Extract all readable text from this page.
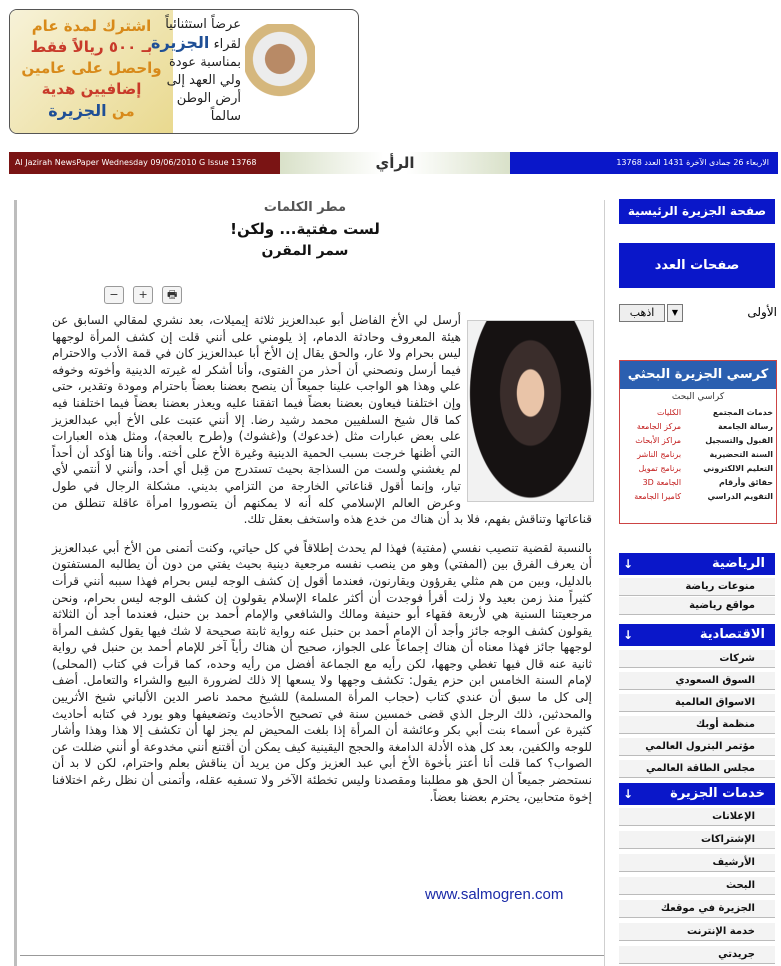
اشترك لمدة عام
بـ ٥٠٠ ريالاً فقط
واحصل على عامين
إضافيين هدية
من الجزيرة
عرضاً استثنائياً
لقراء الجزيرة
بمناسبة عودة
ولي العهد إلى
أرض الوطن
سالماً
Al Jazirah NewsPaper Wednesday 09/06/2010 G Issue 13768	الرأي	الاربعاء 26 جمادى الآخرة 1431 العدد 13768
مطر الكلمات
لست مفتية... ولكن!
سمر المقرن
− + 🖶

أرسل لي الأخ الفاضل أبو عبدالعزيز ثلاثة إيميلات، بعد نشري لمقالي السابق عن هيئة المعروف وحادثة الدمام، إذ يلومني على أنني قلت إن كشف المرأة لوجهها ليس بحرام ولا عار، والحق يقال إن الأخ أبا عبدالعزيز كان في قمة الأدب والاحترام فيما أرسل ونصحني أن أحذر من الفتوى، وأنا أشكر له غيرته الدينية وأخوته وخوفه علي وهذا هو الواجب علينا جميعاً أن ينصح بعضنا بعضاً باحترام ومودة وتقدير، حتى وإن اختلفنا فيعاون بعضنا بعضاً فيما اتفقنا عليه ويعذر بعضنا بعضاً فيما اختلفنا فيه كما قال شيخ السلفيين محمد رشيد رضا. إلا أنني عتبت على الأخ أبي عبدالعزيز على بعض عبارات مثل (خدعوك) و(غشوك) و(طرح بالعجة)، ومثل هذه العبارات التي أظنها خرجت بسبب الحمية الدينية وغيرة الأخ على أخته. وأنا هنا أؤكد أن أحداً لم يغشني ولست من السذاجة بحيث تستدرج من قِبل أي أحد، وأنني لا أنتمي لأي تيار، وإنما أقول قناعاتي الخارجة من التزامي بديني. مشكلة الرجال في طول وعرض العالم الإسلامي كله أنه لا يمكنهم أن يتصوروا امرأة عاقلة تنطلق من قناعاتها وتناقش بفهم، فلا بد أن هناك من خدع هذه واستخف بعقل تلك.

بالنسبة لقضية تنصيب نفسي (مفتية) فهذا لم يحدث إطلاقاً في كل حياتي، وكنت أتمنى من الأخ أبي عبدالعزيز أن يعرف الفرق بين (المفتي) وهو من ينصب نفسه مرجعية دينية بحيث يفتي من دون أن يطالبه المستفتون بالدليل، وبين من هم مثلي يقرؤون ويقارنون، فعندما أقول إن كشف الوجه ليس بحرام فهذا سببه أنني قرأت كثيراً منذ زمن بعيد ولا زلت أقرأ فوجدت أن أكثر علماء الإسلام يقولون إن كشف الوجه ليس بحرام، ونحن مرجعيتنا السنية هي لأربعة فقهاء أبو حنيفة ومالك والشافعي والإمام أحمد بن حنبل، فعندما أجد أن الثلاثة يقولون كشف الوجه جائز وأجد أن الإمام أحمد بن حنبل عنه رواية ثابتة صحيحة لا شك فيها يقول كشف المرأة لوجهها جائز فهذا معناه أن هناك إجماعاً على الجواز، صحيح أن هناك رأياً آخر للإمام أحمد بن حنبل في رواية ثانية عنه قال فيها تغطي وجهها، لكن رأيه مع الجماعة أفضل من رأيه وحده، كما قرأت في كتاب (المحلى) لإمام السنة الخامس ابن حزم يقول: تكشف وجهها ولا يسعها إلا ذلك لضرورة البيع والشراء والتعامل. أضف إلى كل ما سبق أن عندي كتاب (حجاب المرأة المسلمة) للشيخ محمد ناصر الدين الألباني شيخ الأثريين والمحدثين، ذلك الرجل الذي قضى خمسين سنة في تصحيح الأحاديث وتضعيفها وهو يورد في كتابه أحاديث كثيرة عن أسماء بنت أبي بكر وعائشة أن المرأة إذا بلغت المحيض لم يجز لها أن تكشف إلا هذا وهذا وأشار للوجه والكفين، بعد كل هذه الأدلة الدامغة والحجج اليقينية كيف يمكن أن أقتنع أنني مخدوعة أو أنني ضللت عن الصواب؟ كما قلت أنا أعتز بأخوة الأخ أبي عبد العزيز وكل من يريد أن يناقش بعلم واحترام، لكن لا بد أن نستحضر جميعاً أن الحق هو مطلبنا ومقصدنا وليس تخطئة الآخر ولا تسفيه عقله، وأتمنى أن نظل رغم اختلافنا إخوة متحابين، يحترم بعضنا بعضاً.

www.salmogren.com
صفحة الجزيرة الرئيسية
صفحات العدد
اذهب	▼	الأولى
كرسي الجزيرة البحثي
كراسي البحث
خدمات المجتمع	الكليات
رسالة الجامعة	مركز الجامعة
القبول والتسجيل	مراكز الأبحاث
السنة التحضيرية	برنامج الناشر
التعليم الالكتروني	برنامج تمويل
حقائق وأرقام	الجامعة 3D
التقويم الدراسي	كاميرا الجامعة
↓	الرياضية
منوعات رياضة
مواقع رياضية
↓	الاقتصادية
شركات
السوق السعودي
الاسواق العالمية
منظمة أوبك
مؤتمر البترول العالمي
مجلس الطاقة العالمي
↓	خدمات الجزيرة
الإعلانات
الإشتراكات
الأرشيف
البحث
الجزيرة في موقعك
خدمة الإنترنت
جريدتي
